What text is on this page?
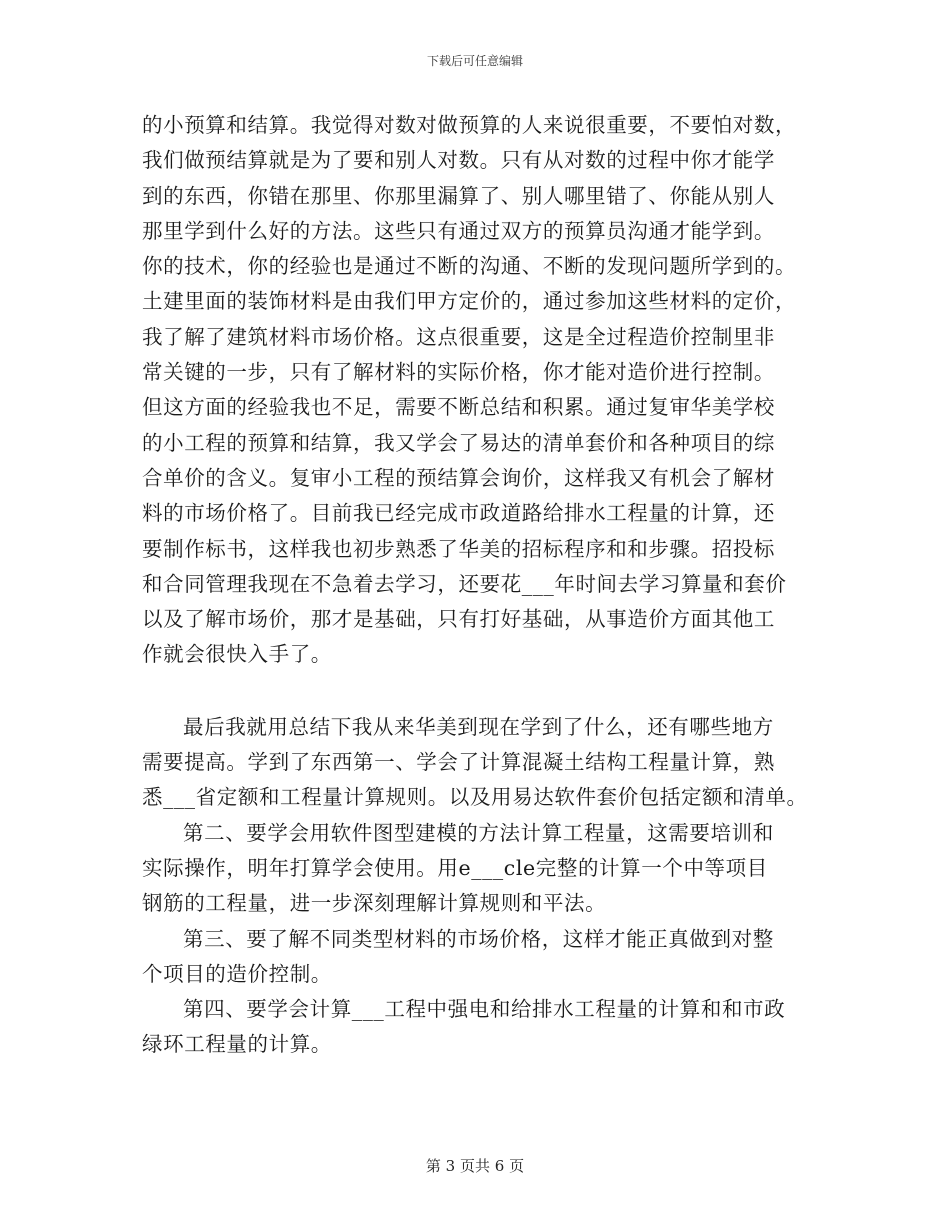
下载后可任意编辑
的小预算和结算。我觉得对数对做预算的人来说很重要，不要怕对数，
我们做预结算就是为了要和别人对数。只有从对数的过程中你才能学
到的东西，你错在那里、你那里漏算了、别人哪里错了、你能从别人
那里学到什么好的方法。这些只有通过双方的预算员沟通才能学到。
你的技术，你的经验也是通过不断的沟通、不断的发现问题所学到的。
土建里面的装饰材料是由我们甲方定价的，通过参加这些材料的定价，
我了解了建筑材料市场价格。这点很重要，这是全过程造价控制里非
常关键的一步，只有了解材料的实际价格，你才能对造价进行控制。
但这方面的经验我也不足，需要不断总结和积累。通过复审华美学校
的小工程的预算和结算，我又学会了易达的清单套价和各种项目的综
合单价的含义。复审小工程的预结算会询价，这样我又有机会了解材
料的市场价格了。目前我已经完成市政道路给排水工程量的计算，还
要制作标书，这样我也初步熟悉了华美的招标程序和和步骤。招投标
和合同管理我现在不急着去学习，还要花___年时间去学习算量和套价
以及了解市场价，那才是基础，只有打好基础，从事造价方面其他工
作就会很快入手了。
最后我就用总结下我从来华美到现在学到了什么，还有哪些地方
需要提高。学到了东西第一、学会了计算混凝土结构工程量计算，熟
悉___省定额和工程量计算规则。以及用易达软件套价包括定额和清单。
第二、要学会用软件图型建模的方法计算工程量，这需要培训和
实际操作，明年打算学会使用。用e___cle完整的计算一个中等项目
钢筋的工程量，进一步深刻理解计算规则和平法。
第三、要了解不同类型材料的市场价格，这样才能正真做到对整
个项目的造价控制。
第四、要学会计算___工程中强电和给排水工程量的计算和和市政
绿环工程量的计算。
第 3 页共 6 页
